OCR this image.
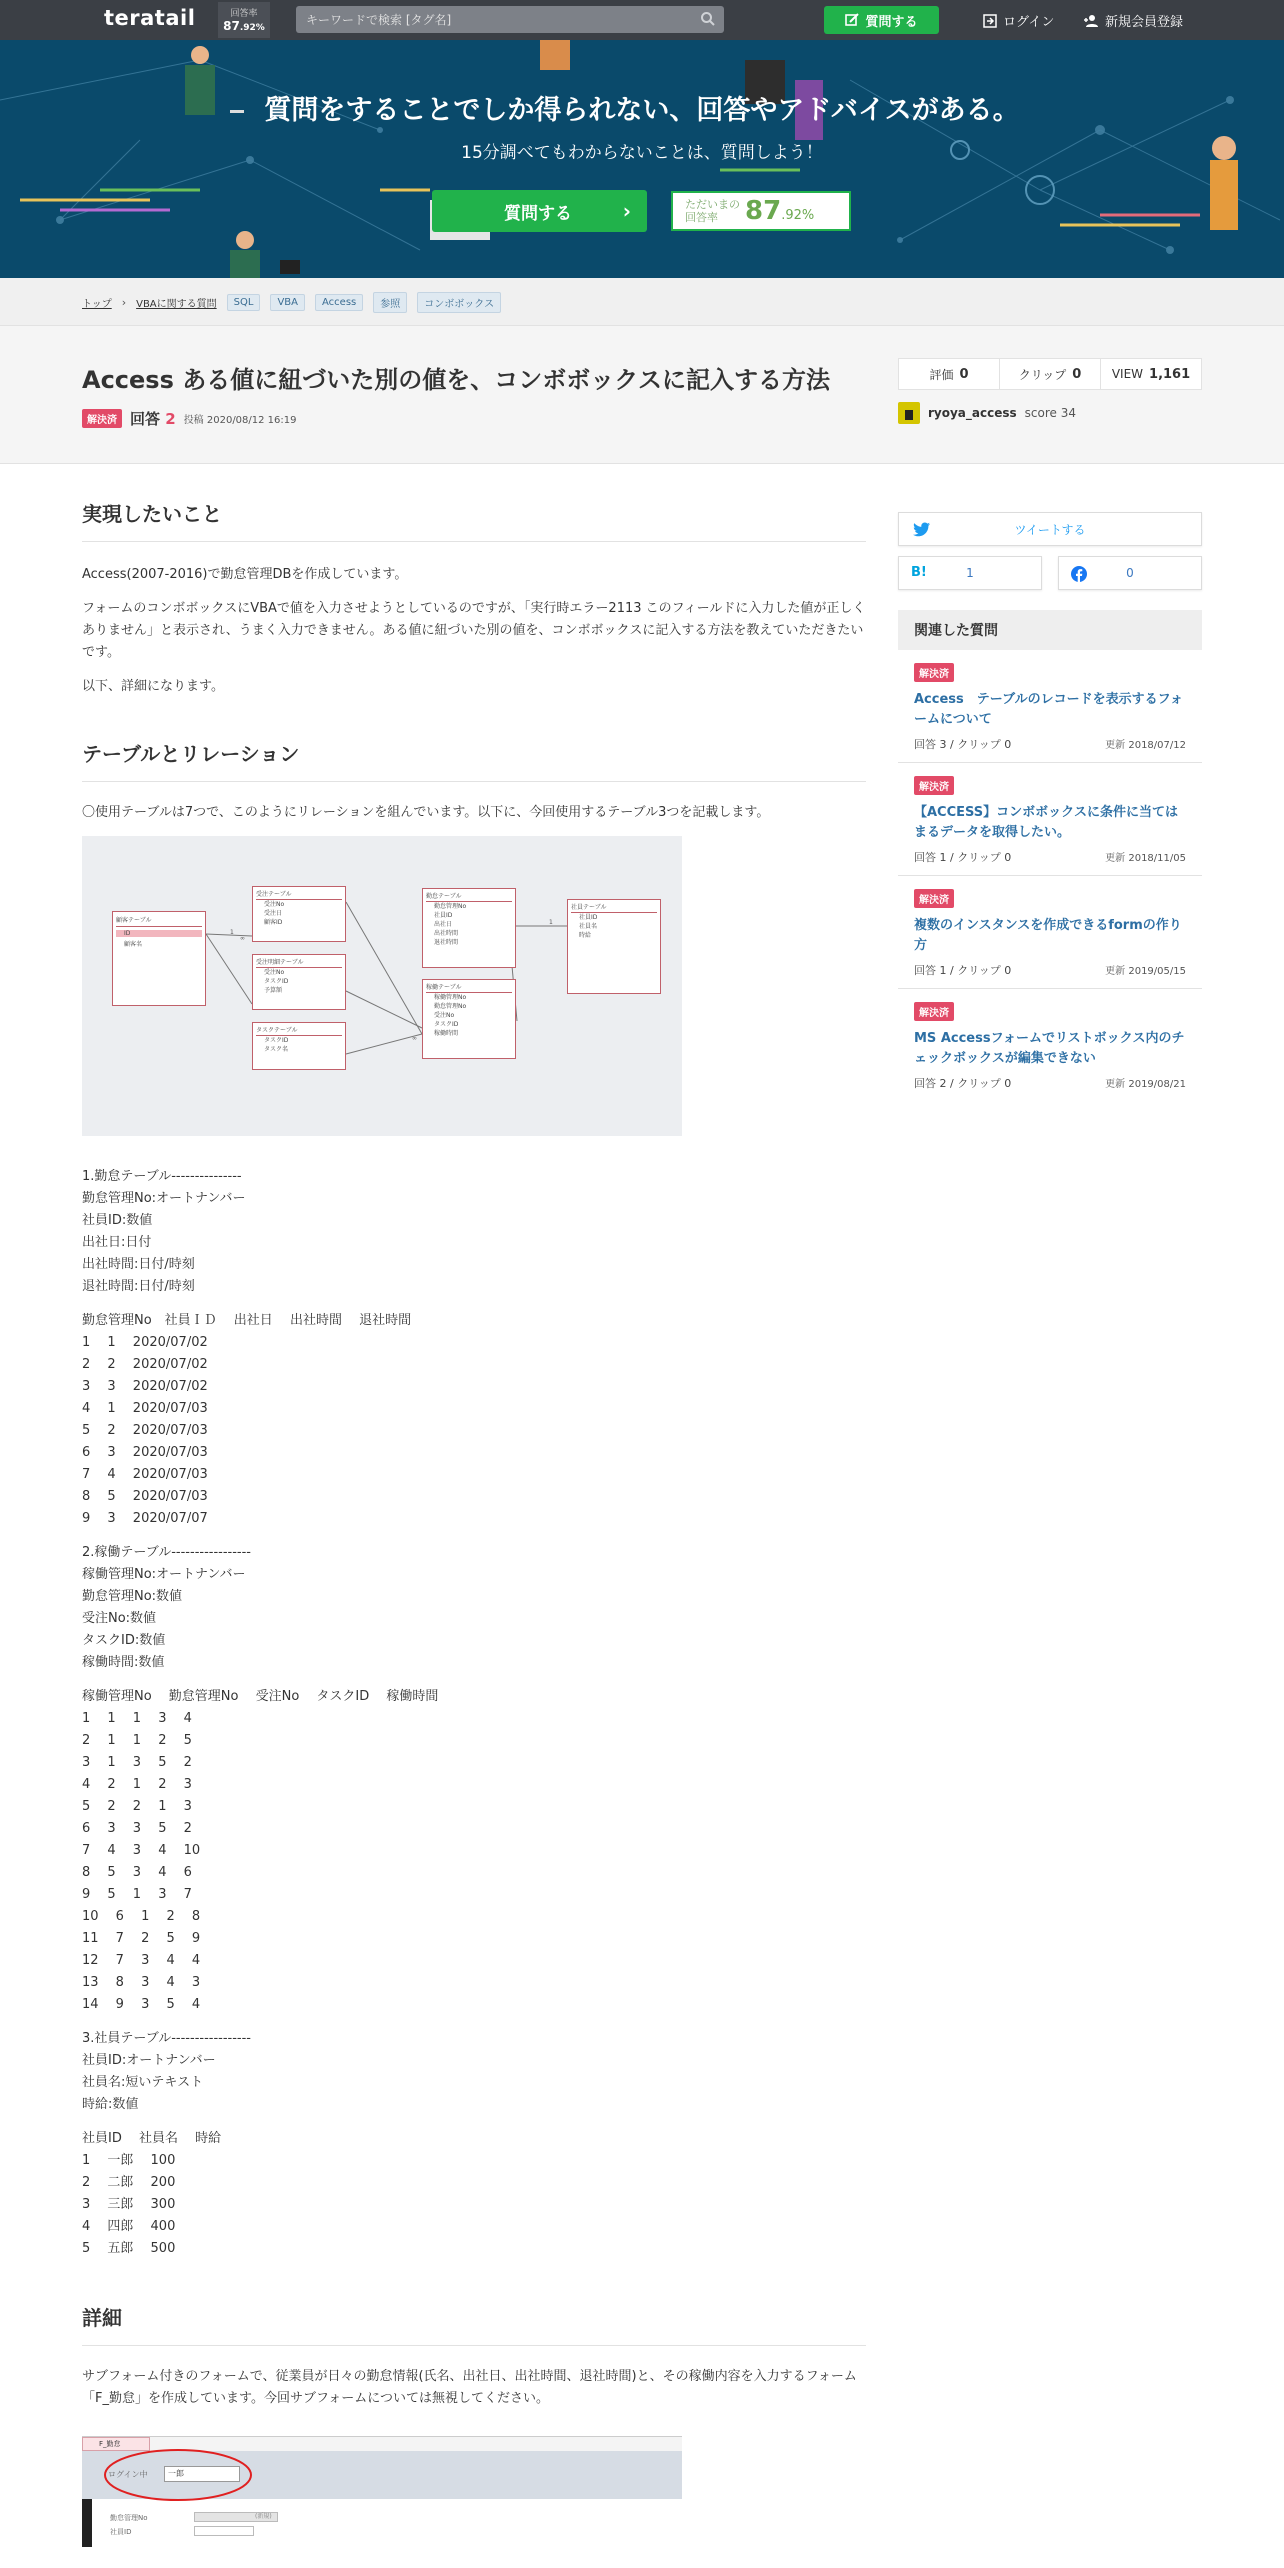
teratail	回答率
87.92%
キーワードで検索 [タグ名]	質問する	ログイン	新規会員登録
質問をすることでしか得られない、回答やアドバイスがある。
15分調べてもわからないことは、質問しよう！
質問する	›	ただいまの
回答率	87 .92%
トップ › VBAに関する質問	SQL	VBA	Access	参照	コンボボックス
Access ある値に紐づいた別の値を、コンボボックスに記入する方法
解決済 回答 2 投稿 2020/08/12 16:19
評価 0	クリップ 0	VIEW 1,161
ryoya_access score 34
実現したいこと
Access(2007-2016)で勤怠管理DBを作成しています。
フォームのコンボボックスにVBAで値を入力させようとしているのですが、「実行時エラー2113 このフィールドに入力した値が正しくありません」と表示され、うまく入力できません。ある値に紐づいた別の値を、コンボボックスに記入する方法を教えていただきたいです。
以下、詳細になります。
テーブルとリレーション
〇使用テーブルは7つで、このようにリレーションを組んでいます。以下に、今回使用するテーブル3つを記載します。
1
∞
∞
1
顧客テーブル
ID
顧客名
受注テーブル
受注No
受注日
顧客ID
受注明細テーブル
受注No
タスクID
予算額
タスクテーブル
タスクID
タスク名
勤怠テーブル
勤怠管理No
社員ID
出社日
出社時間
退社時間
稼働テーブル
稼働管理No
勤怠管理No
受注No
タスクID
稼働時間
社員テーブル
社員ID
社員名
時給
1.勤怠テーブル---------------
勤怠管理No:オートナンバー
社員ID:数値
出社日:日付
出社時間:日付/時刻
退社時間:日付/時刻
勤怠管理No　社員ＩＤ　 出社日　 出社時間　 退社時間
1　 1　 2020/07/02
2　 2　 2020/07/02
3　 3　 2020/07/02
4　 1　 2020/07/03
5　 2　 2020/07/03
6　 3　 2020/07/03
7　 4　 2020/07/03
8　 5　 2020/07/03
9　 3　 2020/07/07
2.稼働テーブル-----------------
稼働管理No:オートナンバー
勤怠管理No:数値
受注No:数値
タスクID:数値
稼働時間:数値
稼働管理No　 勤怠管理No　 受注No　 タスクID　 稼働時間
1　 1　 1　 3　 4
2　 1　 1　 2　 5
3　 1　 3　 5　 2
4　 2　 1　 2　 3
5　 2　 2　 1　 3
6　 3　 3　 5　 2
7　 4　 3　 4　 10
8　 5　 3　 4　 6
9　 5　 1　 3　 7
10　 6　 1　 2　 8
11　 7　 2　 5　 9
12　 7　 3　 4　 4
13　 8　 3　 4　 3
14　 9　 3　 5　 4
3.社員テーブル-----------------
社員ID:オートナンバー
社員名:短いテキスト
時給:数値
社員ID　 社員名　 時給
1　 一郎　 100
2　 二郎　 200
3　 三郎　 300
4　 四郎　 400
5　 五郎　 500
詳細
サブフォーム付きのフォームで、従業員が日々の勤怠情報(氏名、出社日、出社時間、退社時間)と、その稼働内容を入力するフォーム「F_勤怠」を作成しています。今回サブフォームについては無視してください。
F_勤怠
ログイン中	一郎
勤怠管理No	(新規)
社員ID
ツイートする
B!	1	0
関連した質問
解決済
Access　テーブルのレコードを表示するフォームについて
回答 3 / クリップ 0	更新 2018/07/12
解決済
【ACCESS】コンボボックスに条件に当てはまるデータを取得したい。
回答 1 / クリップ 0	更新 2018/11/05
解決済
複数のインスタンスを作成できるformの作り方
回答 1 / クリップ 0	更新 2019/05/15
解決済
MS Accessフォームでリストボックス内のチェックボックスが編集できない
回答 2 / クリップ 0	更新 2019/08/21
